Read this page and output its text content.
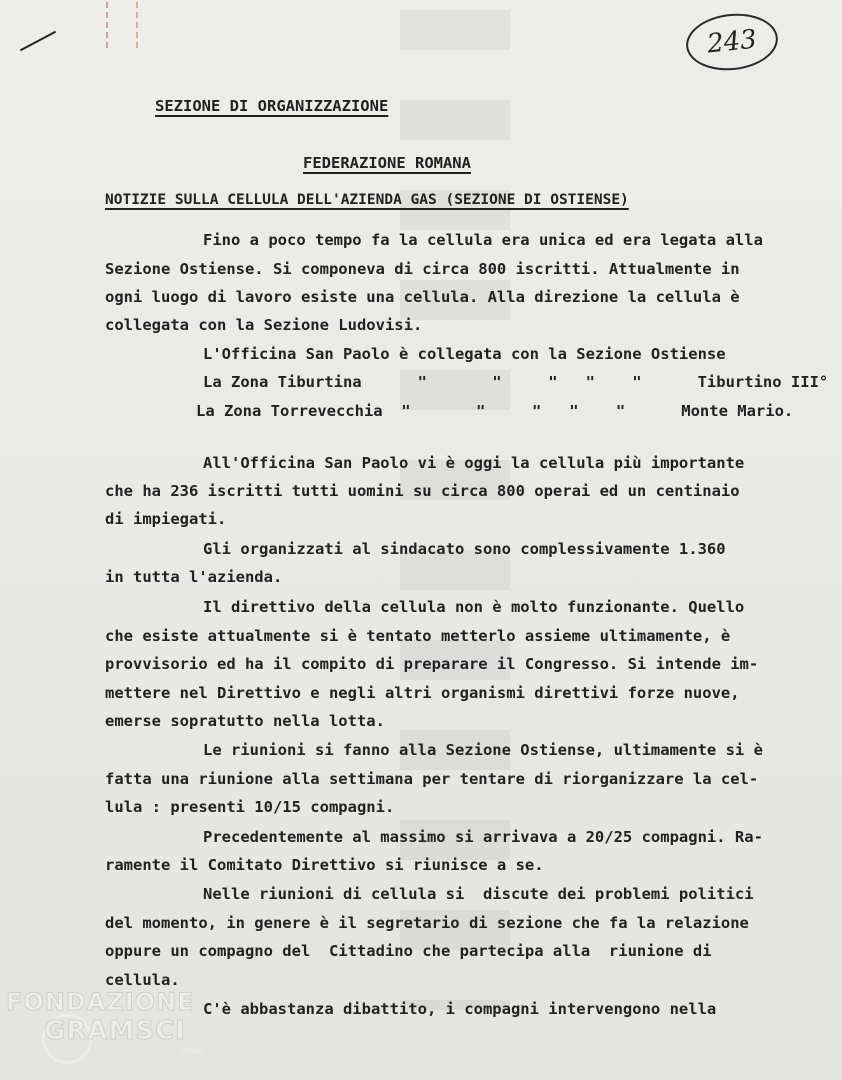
243
SEZIONE DI ORGANIZZAZIONE
FEDERAZIONE ROMANA
NOTIZIE SULLA CELLULA DELL'AZIENDA GAS (SEZIONE DI OSTIENSE)
Fino a poco tempo fa la cellula era unica ed era legata alla
Sezione Ostiense. Si componeva di circa 800 iscritti. Attualmente in
ogni luogo di lavoro esiste una cellula. Alla direzione la cellula è
collegata con la Sezione Ludovisi.
L'Officina San Paolo è collegata con la Sezione Ostiense
La Zona Tiburtina      "       "     "   "    "      Tiburtino III°
La Zona Torrevecchia  "       "     "   "    "      Monte Mario.
All'Officina San Paolo vi è oggi la cellula più importante
che ha 236 iscritti tutti uomini su circa 800 operai ed un centinaio
di impiegati.
Gli organizzati al sindacato sono complessivamente 1.360
in tutta l'azienda.
Il direttivo della cellula non è molto funzionante. Quello
che esiste attualmente si è tentato metterlo assieme ultimamente, è
provvisorio ed ha il compito di preparare il Congresso. Si intende im-
mettere nel Direttivo e negli altri organismi direttivi forze nuove,
emerse sopratutto nella lotta.
Le riunioni si fanno alla Sezione Ostiense, ultimamente si è
fatta una riunione alla settimana per tentare di riorganizzare la cel-
lula : presenti 10/15 compagni.
Precedentemente al massimo si arrivava a 20/25 compagni. Ra-
ramente il Comitato Direttivo si riunisce a se.
Nelle riunioni di cellula si  discute dei problemi politici
del momento, in genere è il segretario di sezione che fa la relazione
oppure un compagno del  Cittadino che partecipa alla  riunione di
cellula.
C'è abbastanza dibattito, i compagni intervengono nella
FONDAZIONE
GRAMSCI
onlus
